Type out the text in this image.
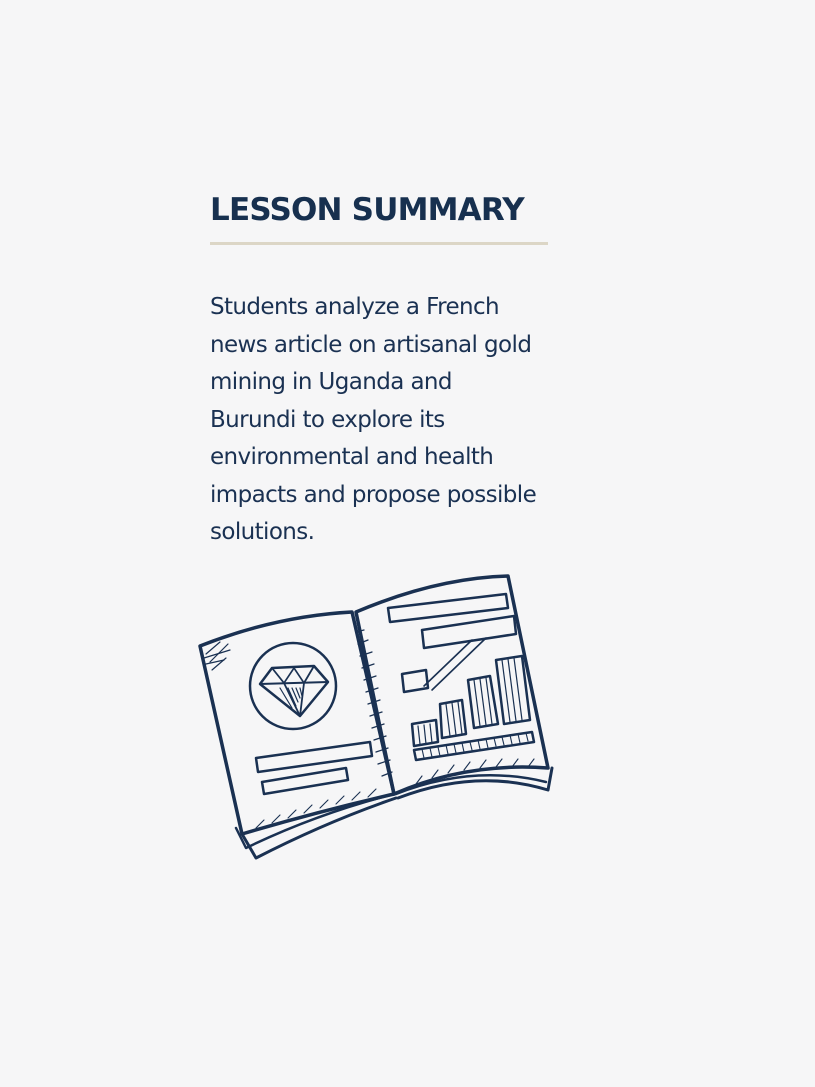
LESSON SUMMARY

Students analyze a French news article on artisanal gold mining in Uganda and Burundi to explore its environmental and health impacts and propose possible solutions.
